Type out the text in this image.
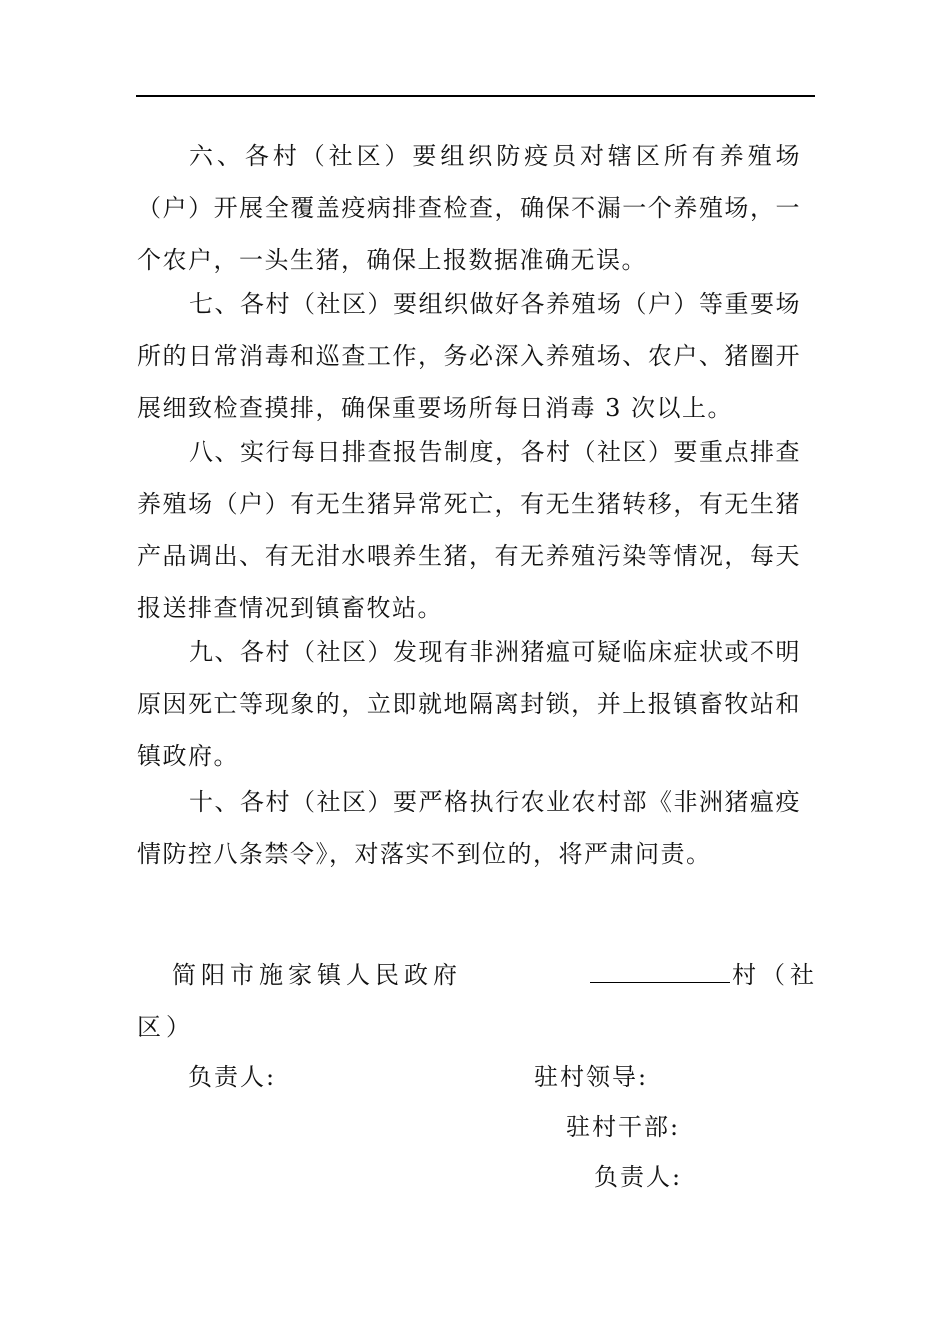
六、各村（社区）要组织防疫员对辖区所有养殖场（户）开展全覆盖疫病排查检查，确保不漏一个养殖场，一个农户，一头生猪，确保上报数据准确无误。

七、各村（社区）要组织做好各养殖场（户）等重要场所的日常消毒和巡查工作，务必深入养殖场、农户、猪圈开展细致检查摸排，确保重要场所每日消毒 3 次以上。

八、实行每日排查报告制度，各村（社区）要重点排查养殖场（户）有无生猪异常死亡，有无生猪转移，有无生猪产品调出、有无泔水喂养生猪，有无养殖污染等情况，每天报送排查情况到镇畜牧站。

九、各村（社区）发现有非洲猪瘟可疑临床症状或不明原因死亡等现象的，立即就地隔离封锁，并上报镇畜牧站和镇政府。

十、各村（社区）要严格执行农业农村部《非洲猪瘟疫情防控八条禁令》，对落实不到位的，将严肃问责。

简阳市施家镇人民政府	村（社

区）

负责人:	驻村领导:

驻村干部:

负责人:
